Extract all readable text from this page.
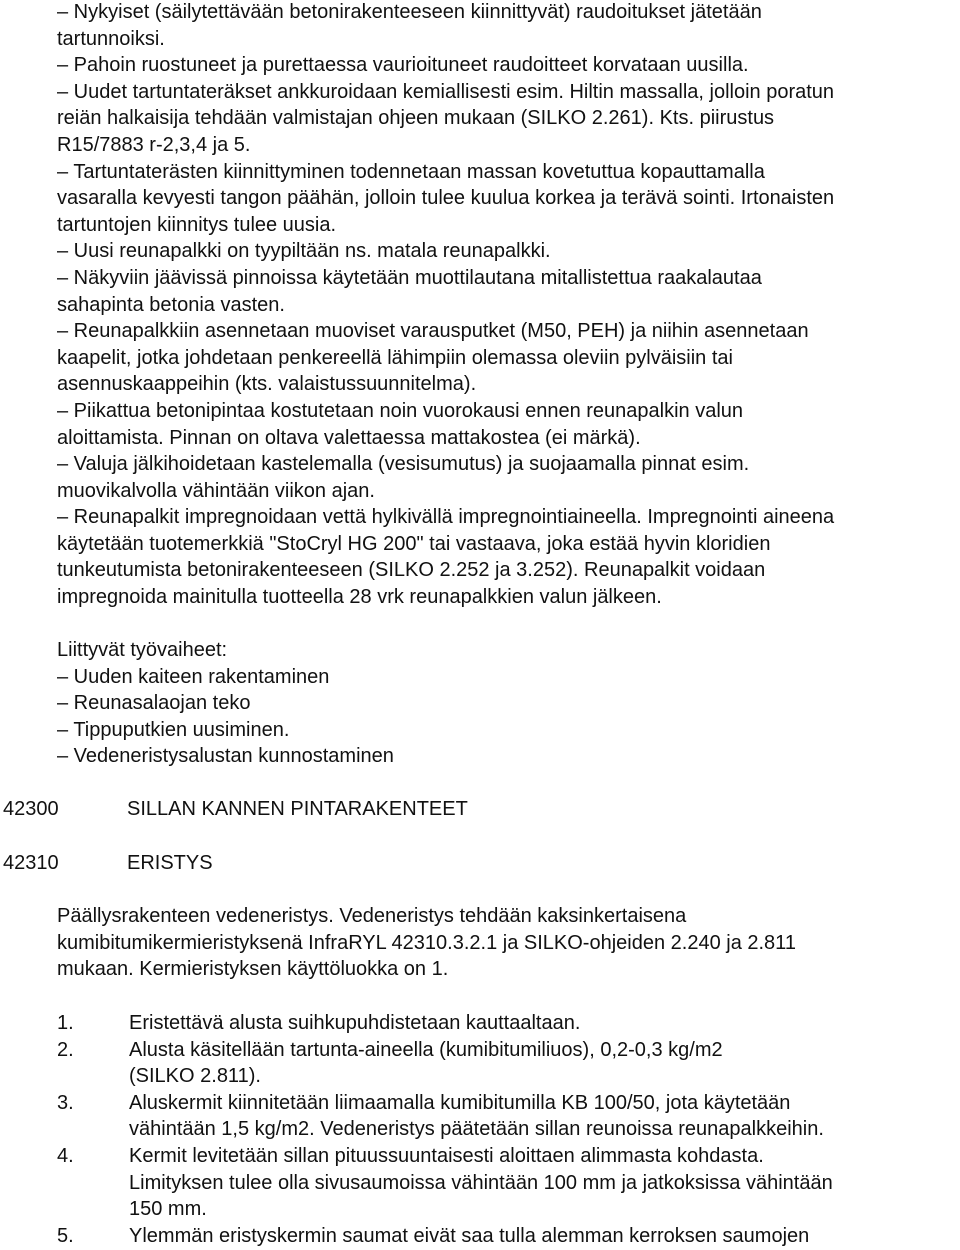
– Nykyiset (säilytettävään betonirakenteeseen kiinnittyvät) raudoitukset jätetään
tartunnoiksi.
– Pahoin ruostuneet ja purettaessa vaurioituneet raudoitteet korvataan uusilla.
– Uudet tartuntateräkset ankkuroidaan kemiallisesti esim. Hiltin massalla, jolloin poratun
reiän halkaisija tehdään valmistajan ohjeen mukaan (SILKO 2.261). Kts. piirustus
R15/7883 r-2,3,4 ja 5.
– Tartuntaterästen kiinnittyminen todennetaan massan kovetuttua kopauttamalla
vasaralla kevyesti tangon päähän, jolloin tulee kuulua korkea ja terävä sointi. Irtonaisten
tartuntojen kiinnitys tulee uusia.
– Uusi reunapalkki on tyypiltään ns. matala reunapalkki.
– Näkyviin jäävissä pinnoissa käytetään muottilautana mitallistettua raakalautaa
sahapinta betonia vasten.
– Reunapalkkiin asennetaan muoviset varausputket (M50, PEH) ja niihin asennetaan
kaapelit, jotka johdetaan penkereellä lähimpiin olemassa oleviin pylväisiin tai
asennuskaappeihin (kts. valaistussuunnitelma).
– Piikattua betonipintaa kostutetaan noin vuorokausi ennen reunapalkin valun
aloittamista. Pinnan on oltava valettaessa mattakostea (ei märkä).
– Valuja jälkihoidetaan kastelemalla (vesisumutus) ja suojaamalla pinnat esim.
muovikalvolla vähintään viikon ajan.
– Reunapalkit impregnoidaan vettä hylkivällä impregnointiaineella. Impregnointi aineena
käytetään tuotemerkkiä "StoCryl HG 200" tai vastaava, joka estää hyvin kloridien
tunkeutumista betonirakenteeseen (SILKO 2.252 ja 3.252). Reunapalkit voidaan
impregnoida mainitulla tuotteella 28 vrk reunapalkkien valun jälkeen.
Liittyvät työvaiheet:
– Uuden kaiteen rakentaminen
– Reunasalaojan teko
– Tippuputkien uusiminen.
– Vedeneristysalustan kunnostaminen
42300	SILLAN KANNEN PINTARAKENTEET
42310	ERISTYS
Päällysrakenteen vedeneristys. Vedeneristys tehdään kaksinkertaisena
kumibitumikermieristyksenä InfraRYL 42310.3.2.1 ja SILKO-ohjeiden 2.240 ja 2.811
mukaan. Kermieristyksen käyttöluokka on 1.
1.	Eristettävä alusta suihkupuhdistetaan kauttaaltaan.
2.	Alusta käsitellään tartunta-aineella (kumibitumiliuos), 0,2-0,3 kg/m2
(SILKO 2.811).
3.	Aluskermit kiinnitetään liimaamalla kumibitumilla KB 100/50, jota käytetään
vähintään 1,5 kg/m2. Vedeneristys päätetään sillan reunoissa reunapalkkeihin.
4.	Kermit levitetään sillan pituussuuntaisesti aloittaen alimmasta kohdasta.
Limityksen tulee olla sivusaumoissa vähintään 100 mm ja jatkoksissa vähintään
150 mm.
5.	Ylemmän eristyskermin saumat eivät saa tulla alemman kerroksen saumojen
